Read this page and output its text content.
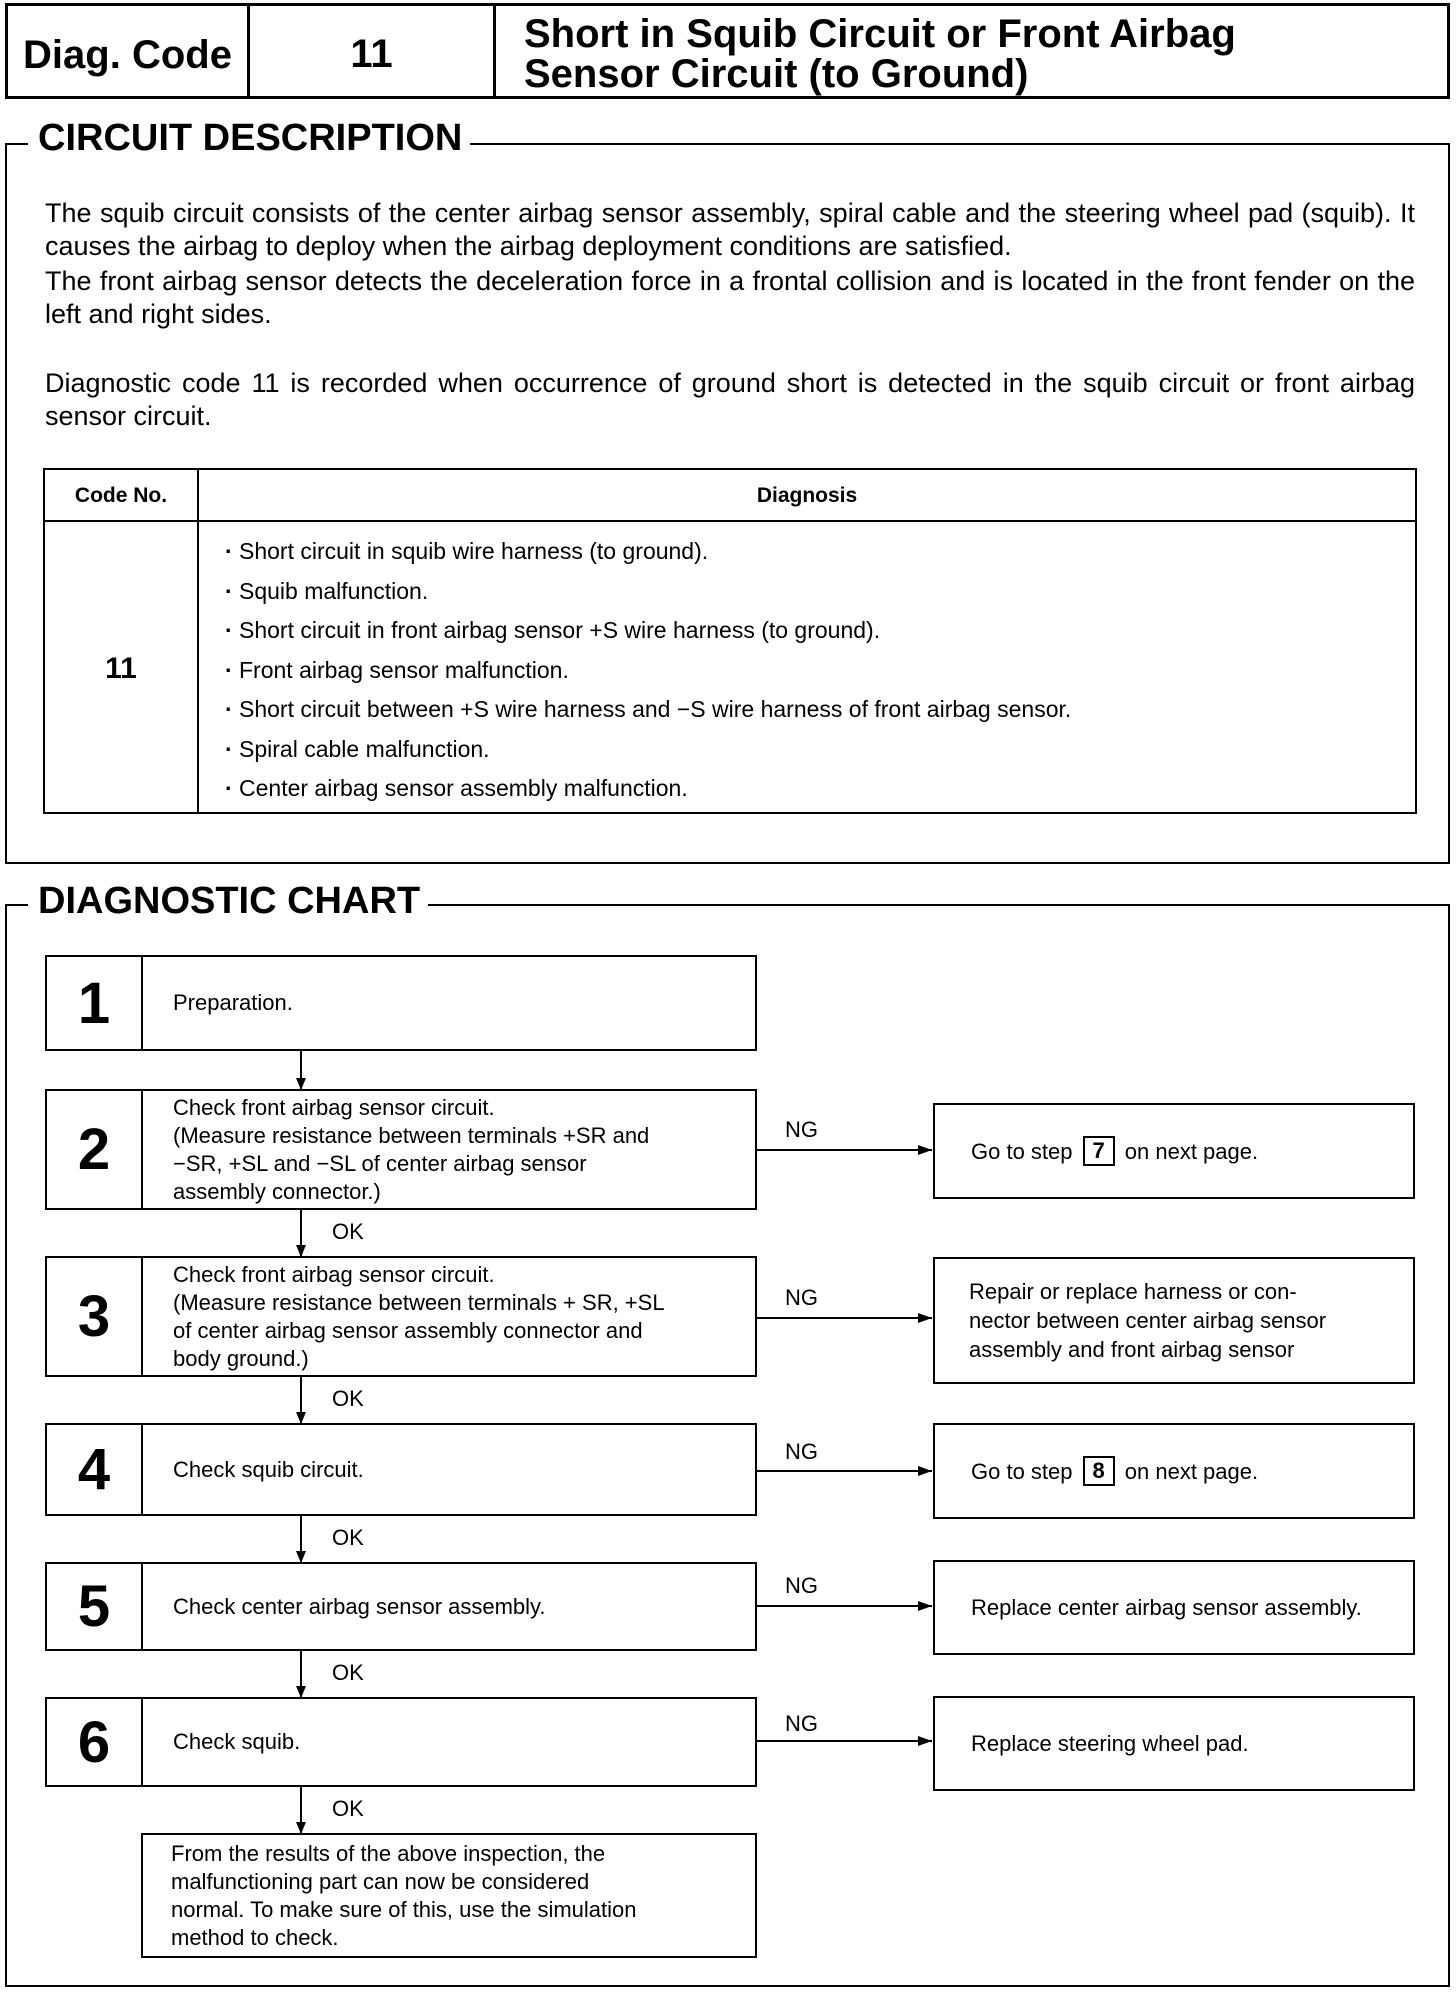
Diag. Code	11	Short in Squib Circuit or Front Airbag
Sensor Circuit (to Ground)
CIRCUIT DESCRIPTION
The squib circuit consists of the center airbag sensor assembly, spiral cable and the steering wheel pad (squib). It causes the airbag to deploy when the airbag deployment conditions are satisfied.
The front airbag sensor detects the deceleration force in a frontal collision and is located in the front fender on the left and right sides.
Diagnostic code 11 is recorded when occurrence of ground short is detected in the squib circuit or front airbag sensor circuit.
Code No.	Diagnosis
11
· Short circuit in squib wire harness (to ground).
· Squib malfunction.
· Short circuit in front airbag sensor +S wire harness (to ground).
· Front airbag sensor malfunction.
· Short circuit between +S wire harness and −S wire harness of front airbag sensor.
· Spiral cable malfunction.
· Center airbag sensor assembly malfunction.
DIAGNOSTIC CHART
OK
OK
OK
OK
OK
NG
NG
NG
NG
NG
1	Preparation.
2
Check front airbag sensor circuit.
(Measure resistance between terminals +SR and
−SR, +SL and −SL of center airbag sensor
assembly connector.)
3
Check front airbag sensor circuit.
(Measure resistance between terminals + SR, +SL
of center airbag sensor assembly connector and
body ground.)
4	Check squib circuit.
5	Check center airbag sensor assembly.
6	Check squib.
Go to step 7 on next page.
Repair or replace harness or con-
nector between center airbag sensor
assembly and front airbag sensor
Go to step 8 on next page.
Replace center airbag sensor assembly.
Replace steering wheel pad.
From the results of the above inspection, the
malfunctioning part can now be considered
normal. To make sure of this, use the simulation
method to check.
